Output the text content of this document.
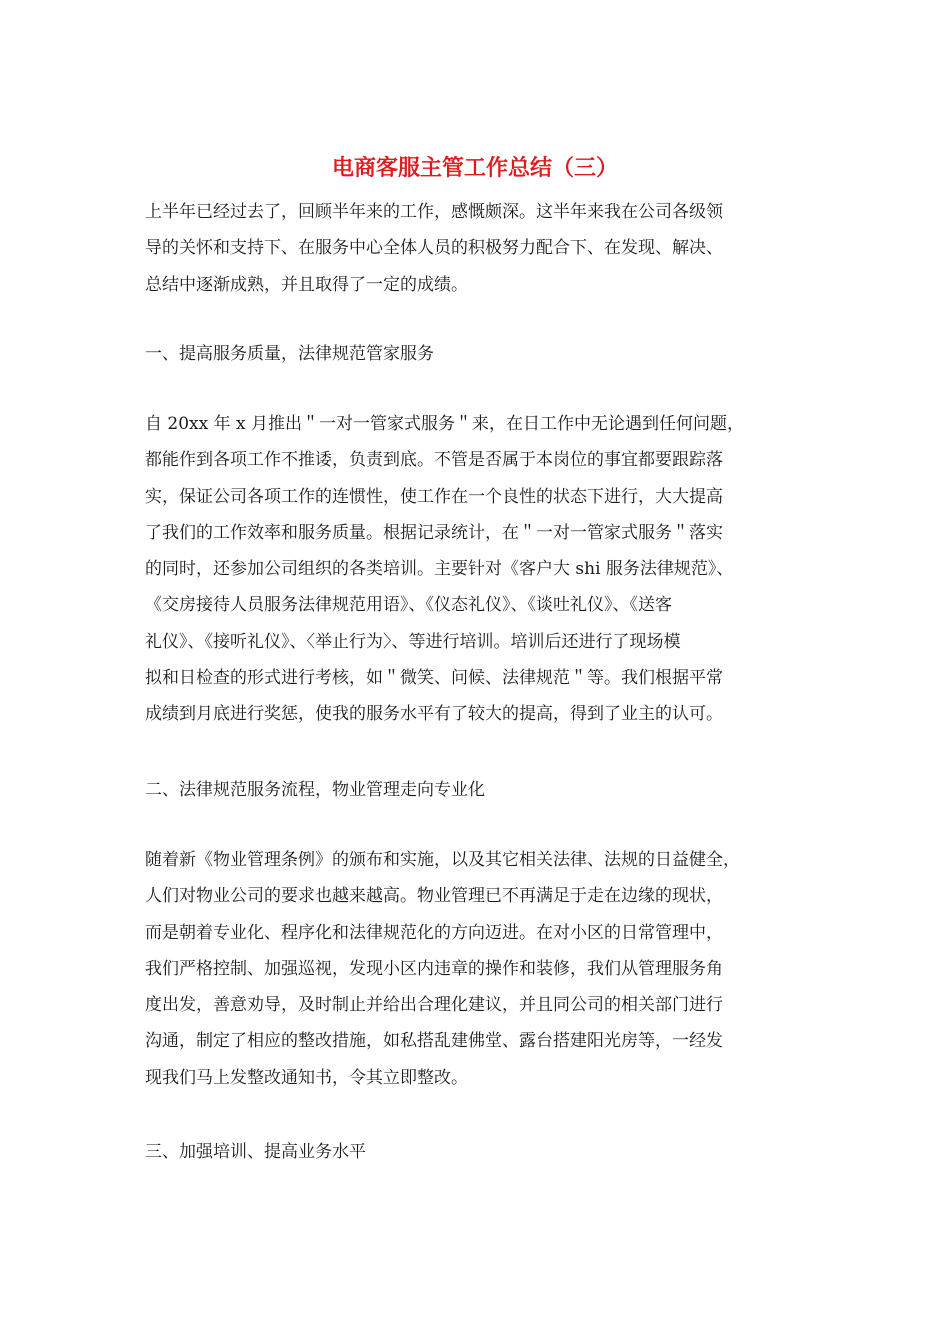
电商客服主管工作总结（三）

上半年已经过去了，回顾半年来的工作，感慨颇深。这半年来我在公司各级领
导的关怀和支持下、在服务中心全体人员的积极努力配合下、在发现、解决、
总结中逐渐成熟，并且取得了一定的成绩。

一、提高服务质量，法律规范管家服务

自 20xx 年 x 月推出＂一对一管家式服务＂来，在日工作中无论遇到任何问题，
都能作到各项工作不推诿，负责到底。不管是否属于本岗位的事宜都要跟踪落
实，保证公司各项工作的连惯性，使工作在一个良性的状态下进行，大大提高
了我们的工作效率和服务质量。根据记录统计，在＂一对一管家式服务＂落实
的同时，还参加公司组织的各类培训。主要针对《客户大 shi 服务法律规范》、
《交房接待人员服务法律规范用语》、《仪态礼仪》、《谈吐礼仪》、《送客
礼仪》、《接听礼仪》、〈举止行为〉、等进行培训。培训后还进行了现场模
拟和日检查的形式进行考核，如＂微笑、问候、法律规范＂等。我们根据平常
成绩到月底进行奖惩，使我的服务水平有了较大的提高，得到了业主的认可。

二、法律规范服务流程，物业管理走向专业化

随着新《物业管理条例》的颁布和实施，以及其它相关法律、法规的日益健全，
人们对物业公司的要求也越来越高。物业管理已不再满足于走在边缘的现状，
而是朝着专业化、程序化和法律规范化的方向迈进。在对小区的日常管理中，
我们严格控制、加强巡视，发现小区内违章的操作和装修，我们从管理服务角
度出发，善意劝导，及时制止并给出合理化建议，并且同公司的相关部门进行
沟通，制定了相应的整改措施，如私搭乱建佛堂、露台搭建阳光房等，一经发
现我们马上发整改通知书，令其立即整改。

三、加强培训、提高业务水平
